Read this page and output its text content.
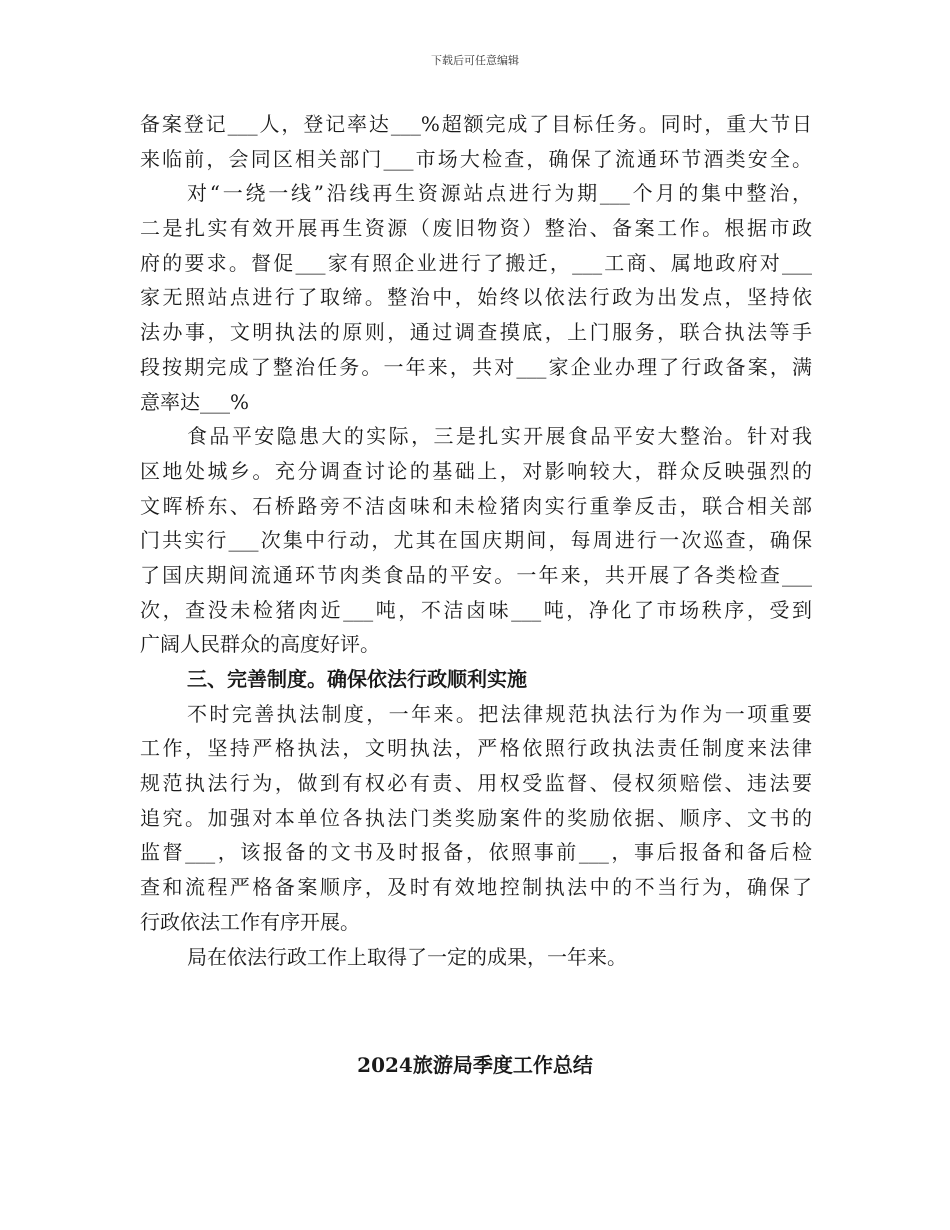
下载后可任意编辑
备案登记___人，登记率达___%超额完成了目标任务。同时，重大节日
来临前，会同区相关部门___市场大检查，确保了流通环节酒类安全。
对“一绕一线”沿线再生资源站点进行为期___个月的集中整治，
二是扎实有效开展再生资源（废旧物资）整治、备案工作。根据市政
府的要求。督促___家有照企业进行了搬迁，___工商、属地政府对___
家无照站点进行了取缔。整治中，始终以依法行政为出发点，坚持依
法办事，文明执法的原则，通过调查摸底，上门服务，联合执法等手
段按期完成了整治任务。一年来，共对___家企业办理了行政备案，满
意率达___%
食品平安隐患大的实际，三是扎实开展食品平安大整治。针对我
区地处城乡。充分调查讨论的基础上，对影响较大，群众反映强烈的
文晖桥东、石桥路旁不洁卤味和未检猪肉实行重拳反击，联合相关部
门共实行___次集中行动，尤其在国庆期间，每周进行一次巡查，确保
了国庆期间流通环节肉类食品的平安。一年来，共开展了各类检查___
次，查没未检猪肉近___吨，不洁卤味___吨，净化了市场秩序，受到
广阔人民群众的高度好评。
三、完善制度。确保依法行政顺利实施
不时完善执法制度，一年来。把法律规范执法行为作为一项重要
工作，坚持严格执法，文明执法，严格依照行政执法责任制度来法律
规范执法行为，做到有权必有责、用权受监督、侵权须赔偿、违法要
追究。加强对本单位各执法门类奖励案件的奖励依据、顺序、文书的
监督___，该报备的文书及时报备，依照事前___，事后报备和备后检
查和流程严格备案顺序，及时有效地控制执法中的不当行为，确保了
行政依法工作有序开展。
局在依法行政工作上取得了一定的成果，一年来。
2024旅游局季度工作总结
